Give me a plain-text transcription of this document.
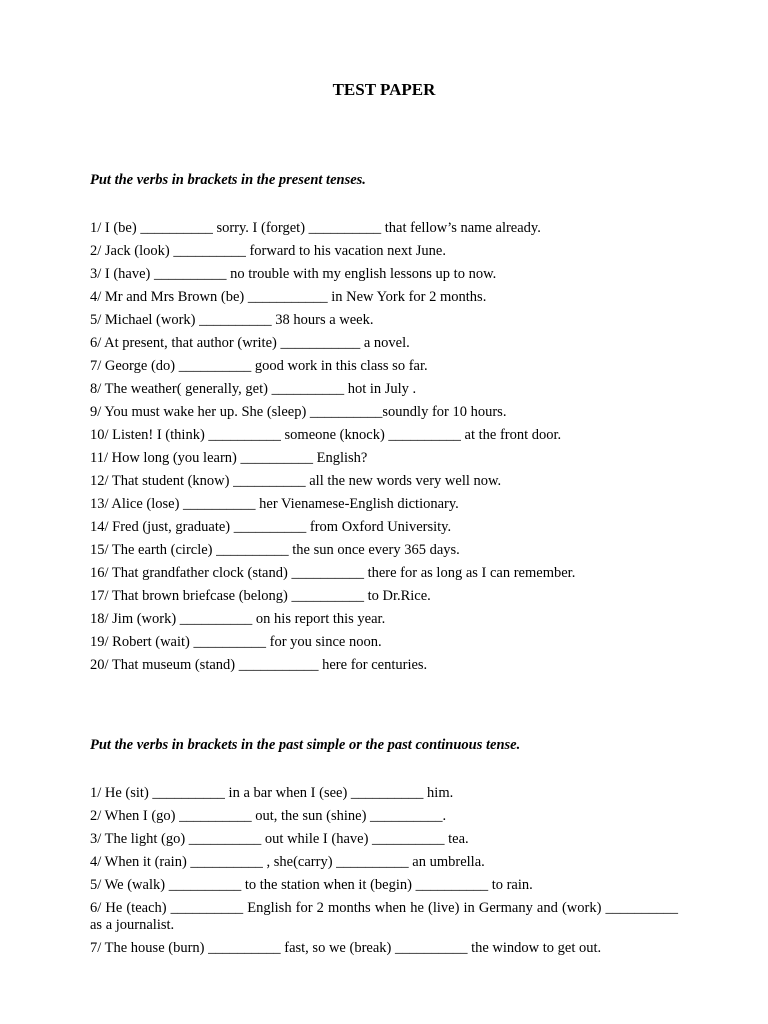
TEST PAPER
Put the verbs in brackets in the present tenses.
1/ I (be) __________ sorry. I (forget) __________ that fellow’s name already.
2/ Jack (look) __________ forward to his vacation next June.
3/ I (have) __________ no trouble with my english lessons up to now.
4/ Mr and Mrs Brown (be) ___________ in New York for 2 months.
5/ Michael (work) __________ 38 hours a week.
6/ At present, that author (write) ___________ a novel.
7/ George (do) __________ good work in this class so far.
8/ The weather( generally, get) __________ hot in July .
9/ You must wake her up. She (sleep) __________soundly for 10 hours.
10/ Listen! I (think) __________ someone (knock) __________ at the front door.
11/ How long (you learn) __________ English?
12/ That student (know) __________ all the new words very well now.
13/ Alice (lose) __________ her Vienamese-English dictionary.
14/ Fred (just, graduate) __________ from Oxford University.
15/ The earth (circle) __________ the sun once every 365 days.
16/ That grandfather clock (stand) __________ there for as long as I can remember.
17/ That brown briefcase (belong) __________ to Dr.Rice.
18/ Jim (work) __________ on his report this year.
19/ Robert (wait) __________ for you since noon.
20/ That museum (stand) ___________ here for centuries.
Put the verbs in brackets in the past simple or the past continuous tense.
1/ He (sit) __________ in a bar when I (see) __________ him.
2/ When I (go) __________ out, the sun (shine) __________.
3/ The light (go) __________ out while I (have) __________ tea.
4/ When it (rain) __________ , she(carry) __________ an umbrella.
5/ We (walk) __________ to the station when it (begin) __________ to rain.
6/ He (teach) __________ English for 2 months when he (live) in Germany and (work) __________ as a journalist.
7/ The house (burn) __________ fast, so we (break) __________ the window to get out.
